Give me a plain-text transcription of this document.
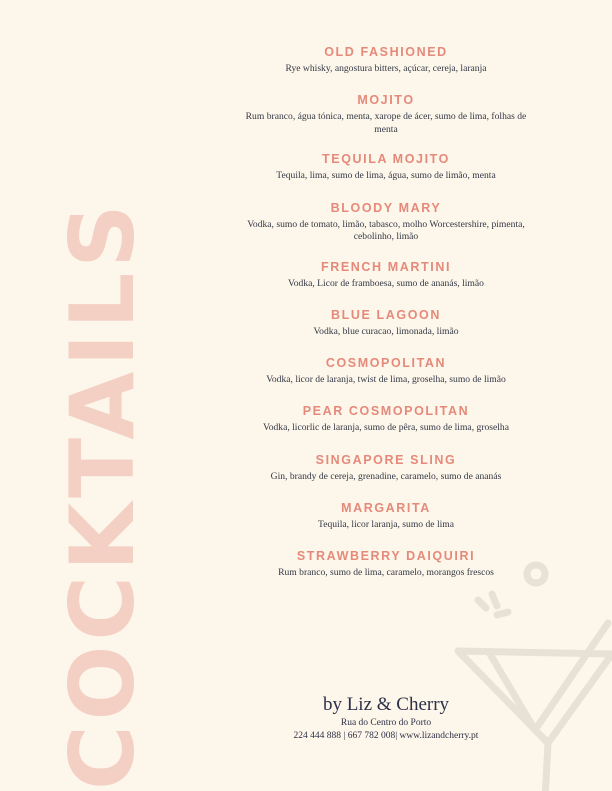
COCKTAILS
OLD FASHIONED
Rye whisky, angostura bitters, açúcar, cereja, laranja
MOJITO
Rum branco, água tónica, menta, xarope de ácer, sumo de lima, folhas de menta
TEQUILA MOJITO
Tequila, lima, sumo de lima, água, sumo de limão, menta
BLOODY MARY
Vodka, sumo de tomato, limão, tabasco, molho Worcestershire, pimenta, cebolinho, limão
FRENCH MARTINI
Vodka, Licor de framboesa, sumo de ananás, limão
BLUE LAGOON
Vodka, blue curacao, limonada, limão
COSMOPOLITAN
Vodka, licor de laranja, twist de lima, groselha, sumo de limão
PEAR COSMOPOLITAN
Vodka, licorlic de laranja, sumo de pêra, sumo de lima, groselha
SINGAPORE SLING
Gin, brandy de cereja, grenadine, caramelo, sumo de ananás
MARGARITA
Tequila, licor laranja, sumo de lima
STRAWBERRY DAIQUIRI
Rum branco, sumo de lima, caramelo, morangos frescos
by Liz & Cherry
Rua do Centro do Porto
224 444 888 | 667 782 008| www.lizandcherry.pt
